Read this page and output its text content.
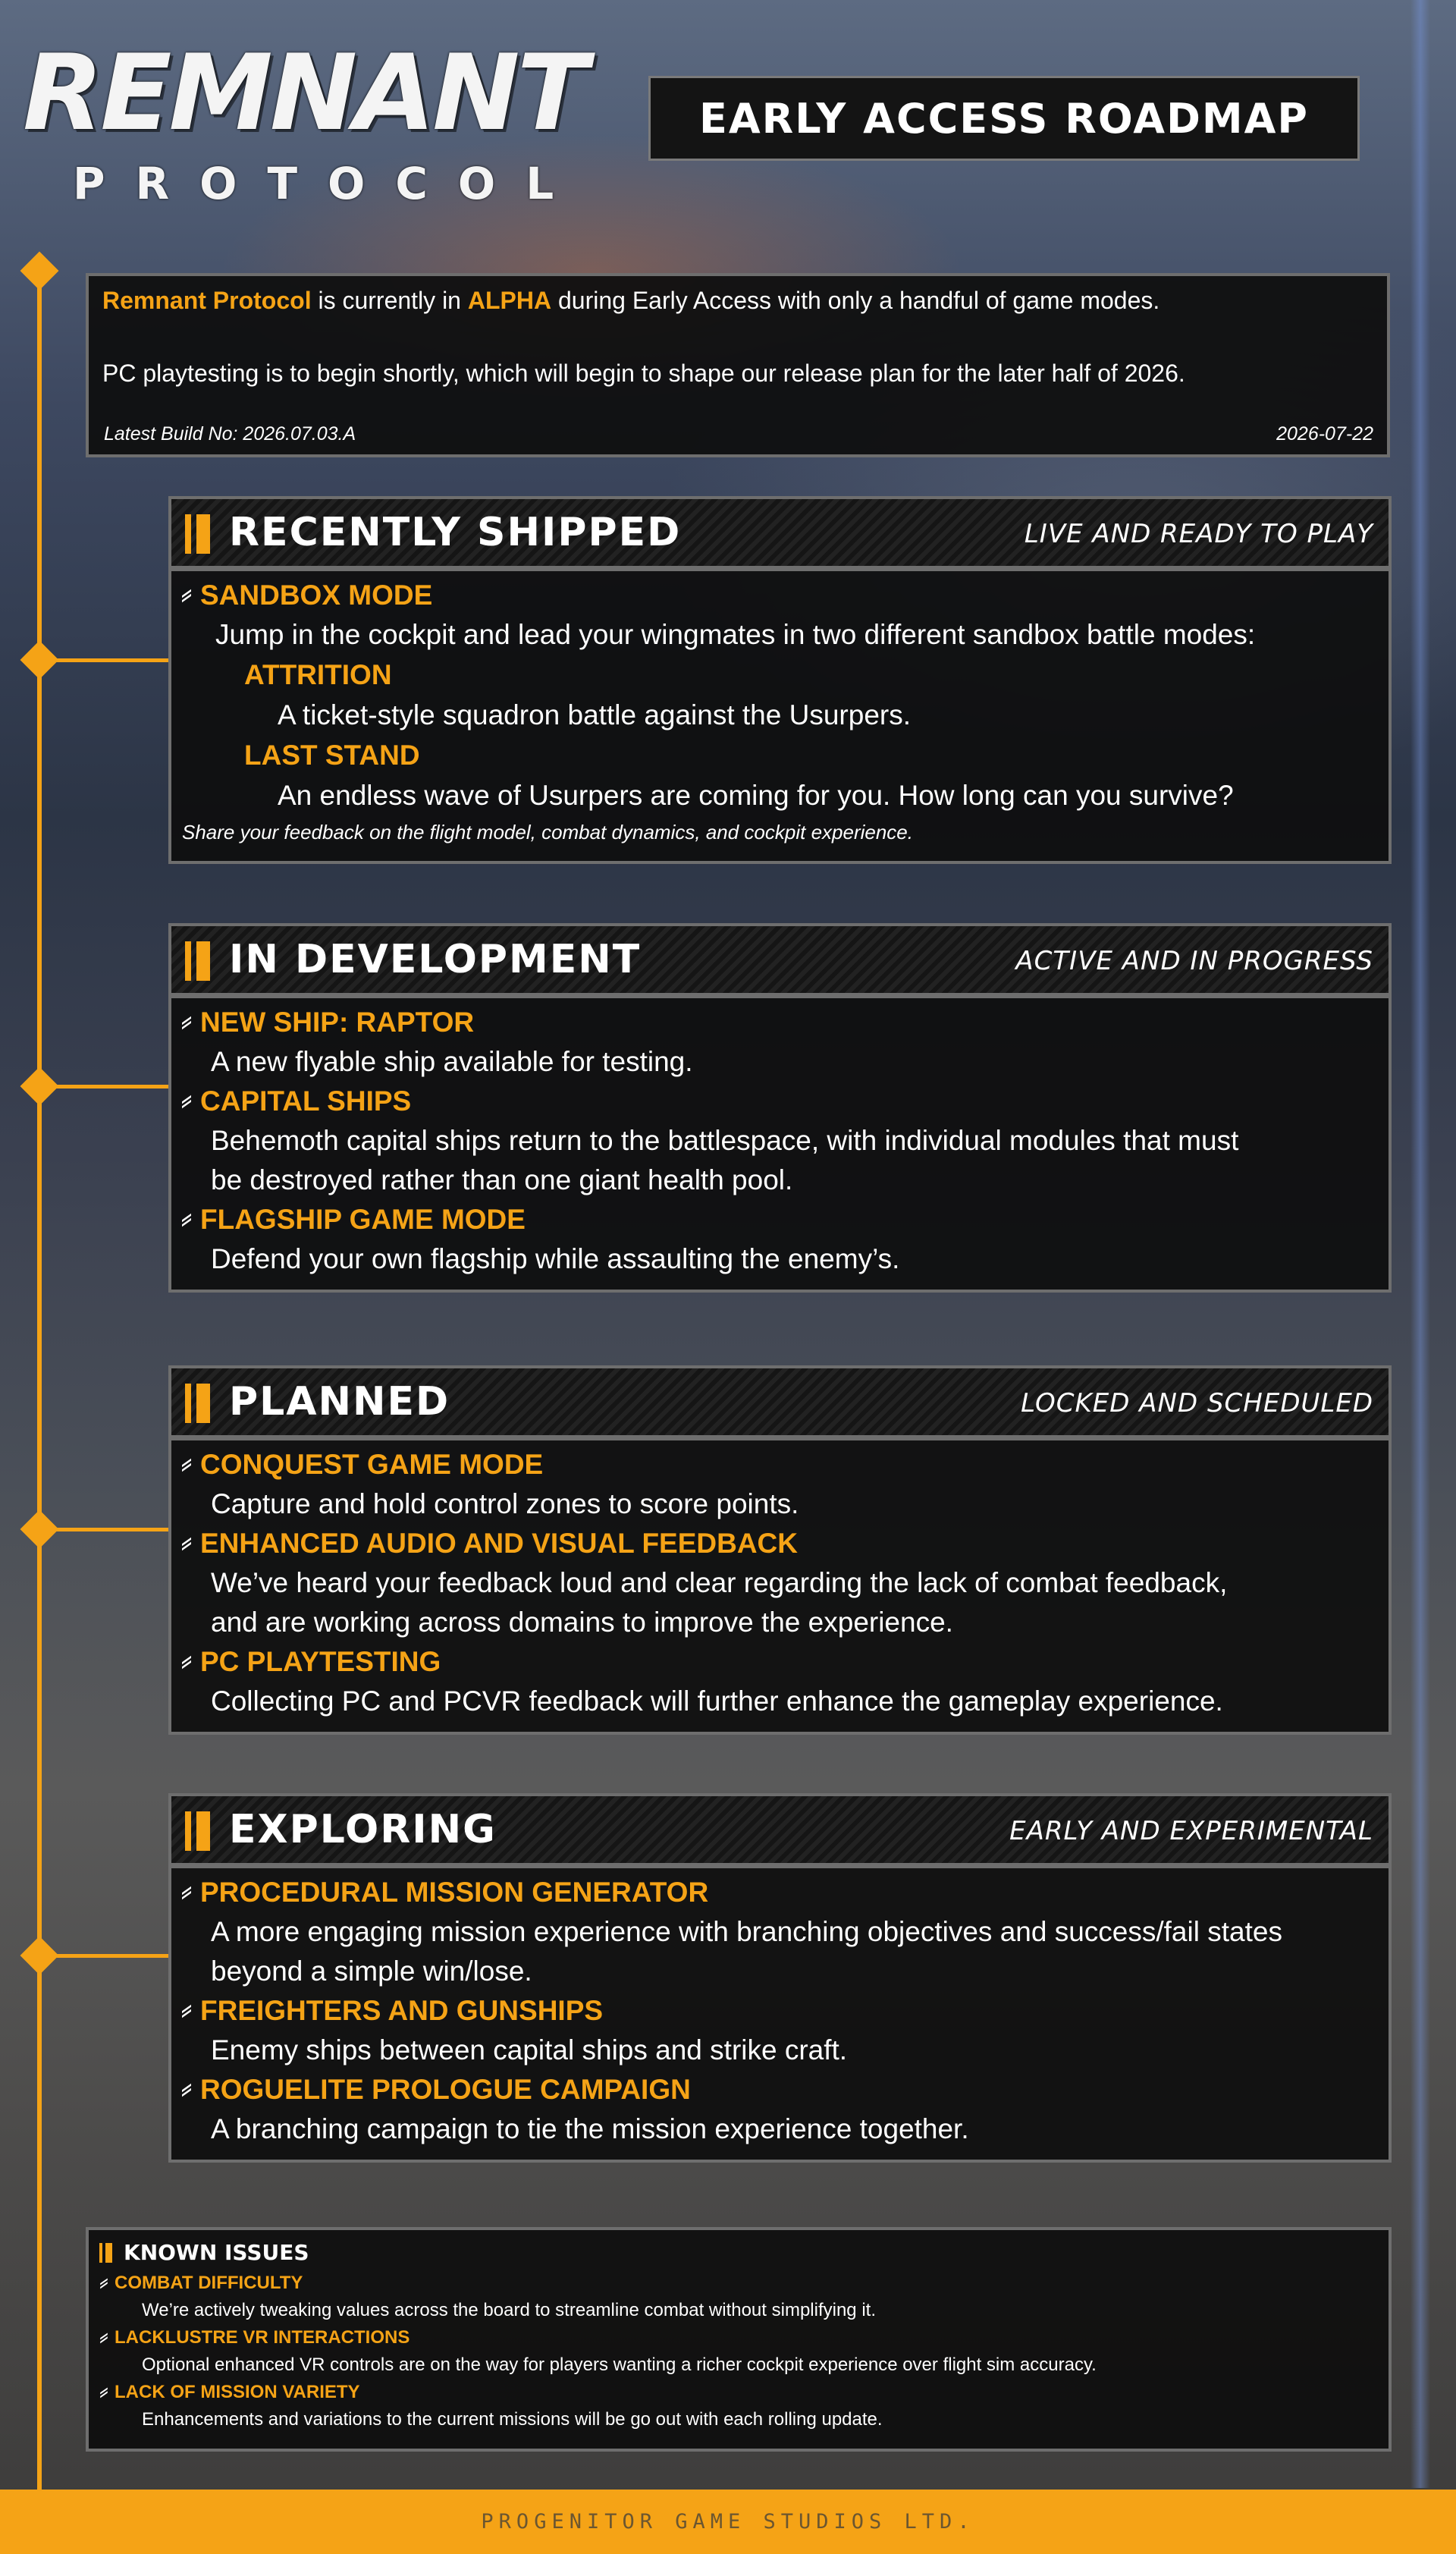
REMNANT
PROTOCOL
EARLY ACCESS ROADMAP
Remnant Protocol is currently in ALPHA during Early Access with only a handful of game modes.
PC playtesting is to begin shortly, which will begin to shape our release plan for the later half of 2026.
Latest Build No: 2026.07.03.A	2026-07-22
RECENTLY SHIPPED	LIVE AND READY TO PLAY
SANDBOX MODE
Jump in the cockpit and lead your wingmates in two different sandbox battle modes:
ATTRITION
A ticket-style squadron battle against the Usurpers.
LAST STAND
An endless wave of Usurpers are coming for you. How long can you survive?
Share your feedback on the flight model, combat dynamics, and cockpit experience.
IN DEVELOPMENT	ACTIVE AND IN PROGRESS
NEW SHIP: RAPTOR
A new flyable ship available for testing.
CAPITAL SHIPS
Behemoth capital ships return to the battlespace, with individual modules that must
be destroyed rather than one giant health pool.
FLAGSHIP GAME MODE
Defend your own flagship while assaulting the enemy’s.
PLANNED	LOCKED AND SCHEDULED
CONQUEST GAME MODE
Capture and hold control zones to score points.
ENHANCED AUDIO AND VISUAL FEEDBACK
We’ve heard your feedback loud and clear regarding the lack of combat feedback,
and are working across domains to improve the experience.
PC PLAYTESTING
Collecting PC and PCVR feedback will further enhance the gameplay experience.
EXPLORING	EARLY AND EXPERIMENTAL
PROCEDURAL MISSION GENERATOR
A more engaging mission experience with branching objectives and success/fail states
beyond a simple win/lose.
FREIGHTERS AND GUNSHIPS
Enemy ships between capital ships and strike craft.
ROGUELITE PROLOGUE CAMPAIGN
A branching campaign to tie the mission experience together.
KNOWN ISSUES
COMBAT DIFFICULTY
We’re actively tweaking values across the board to streamline combat without simplifying it.
LACKLUSTRE VR INTERACTIONS
Optional enhanced VR controls are on the way for players wanting a richer cockpit experience over flight sim accuracy.
LACK OF MISSION VARIETY
Enhancements and variations to the current missions will be go out with each rolling update.
PROGENITOR GAME STUDIOS LTD.
